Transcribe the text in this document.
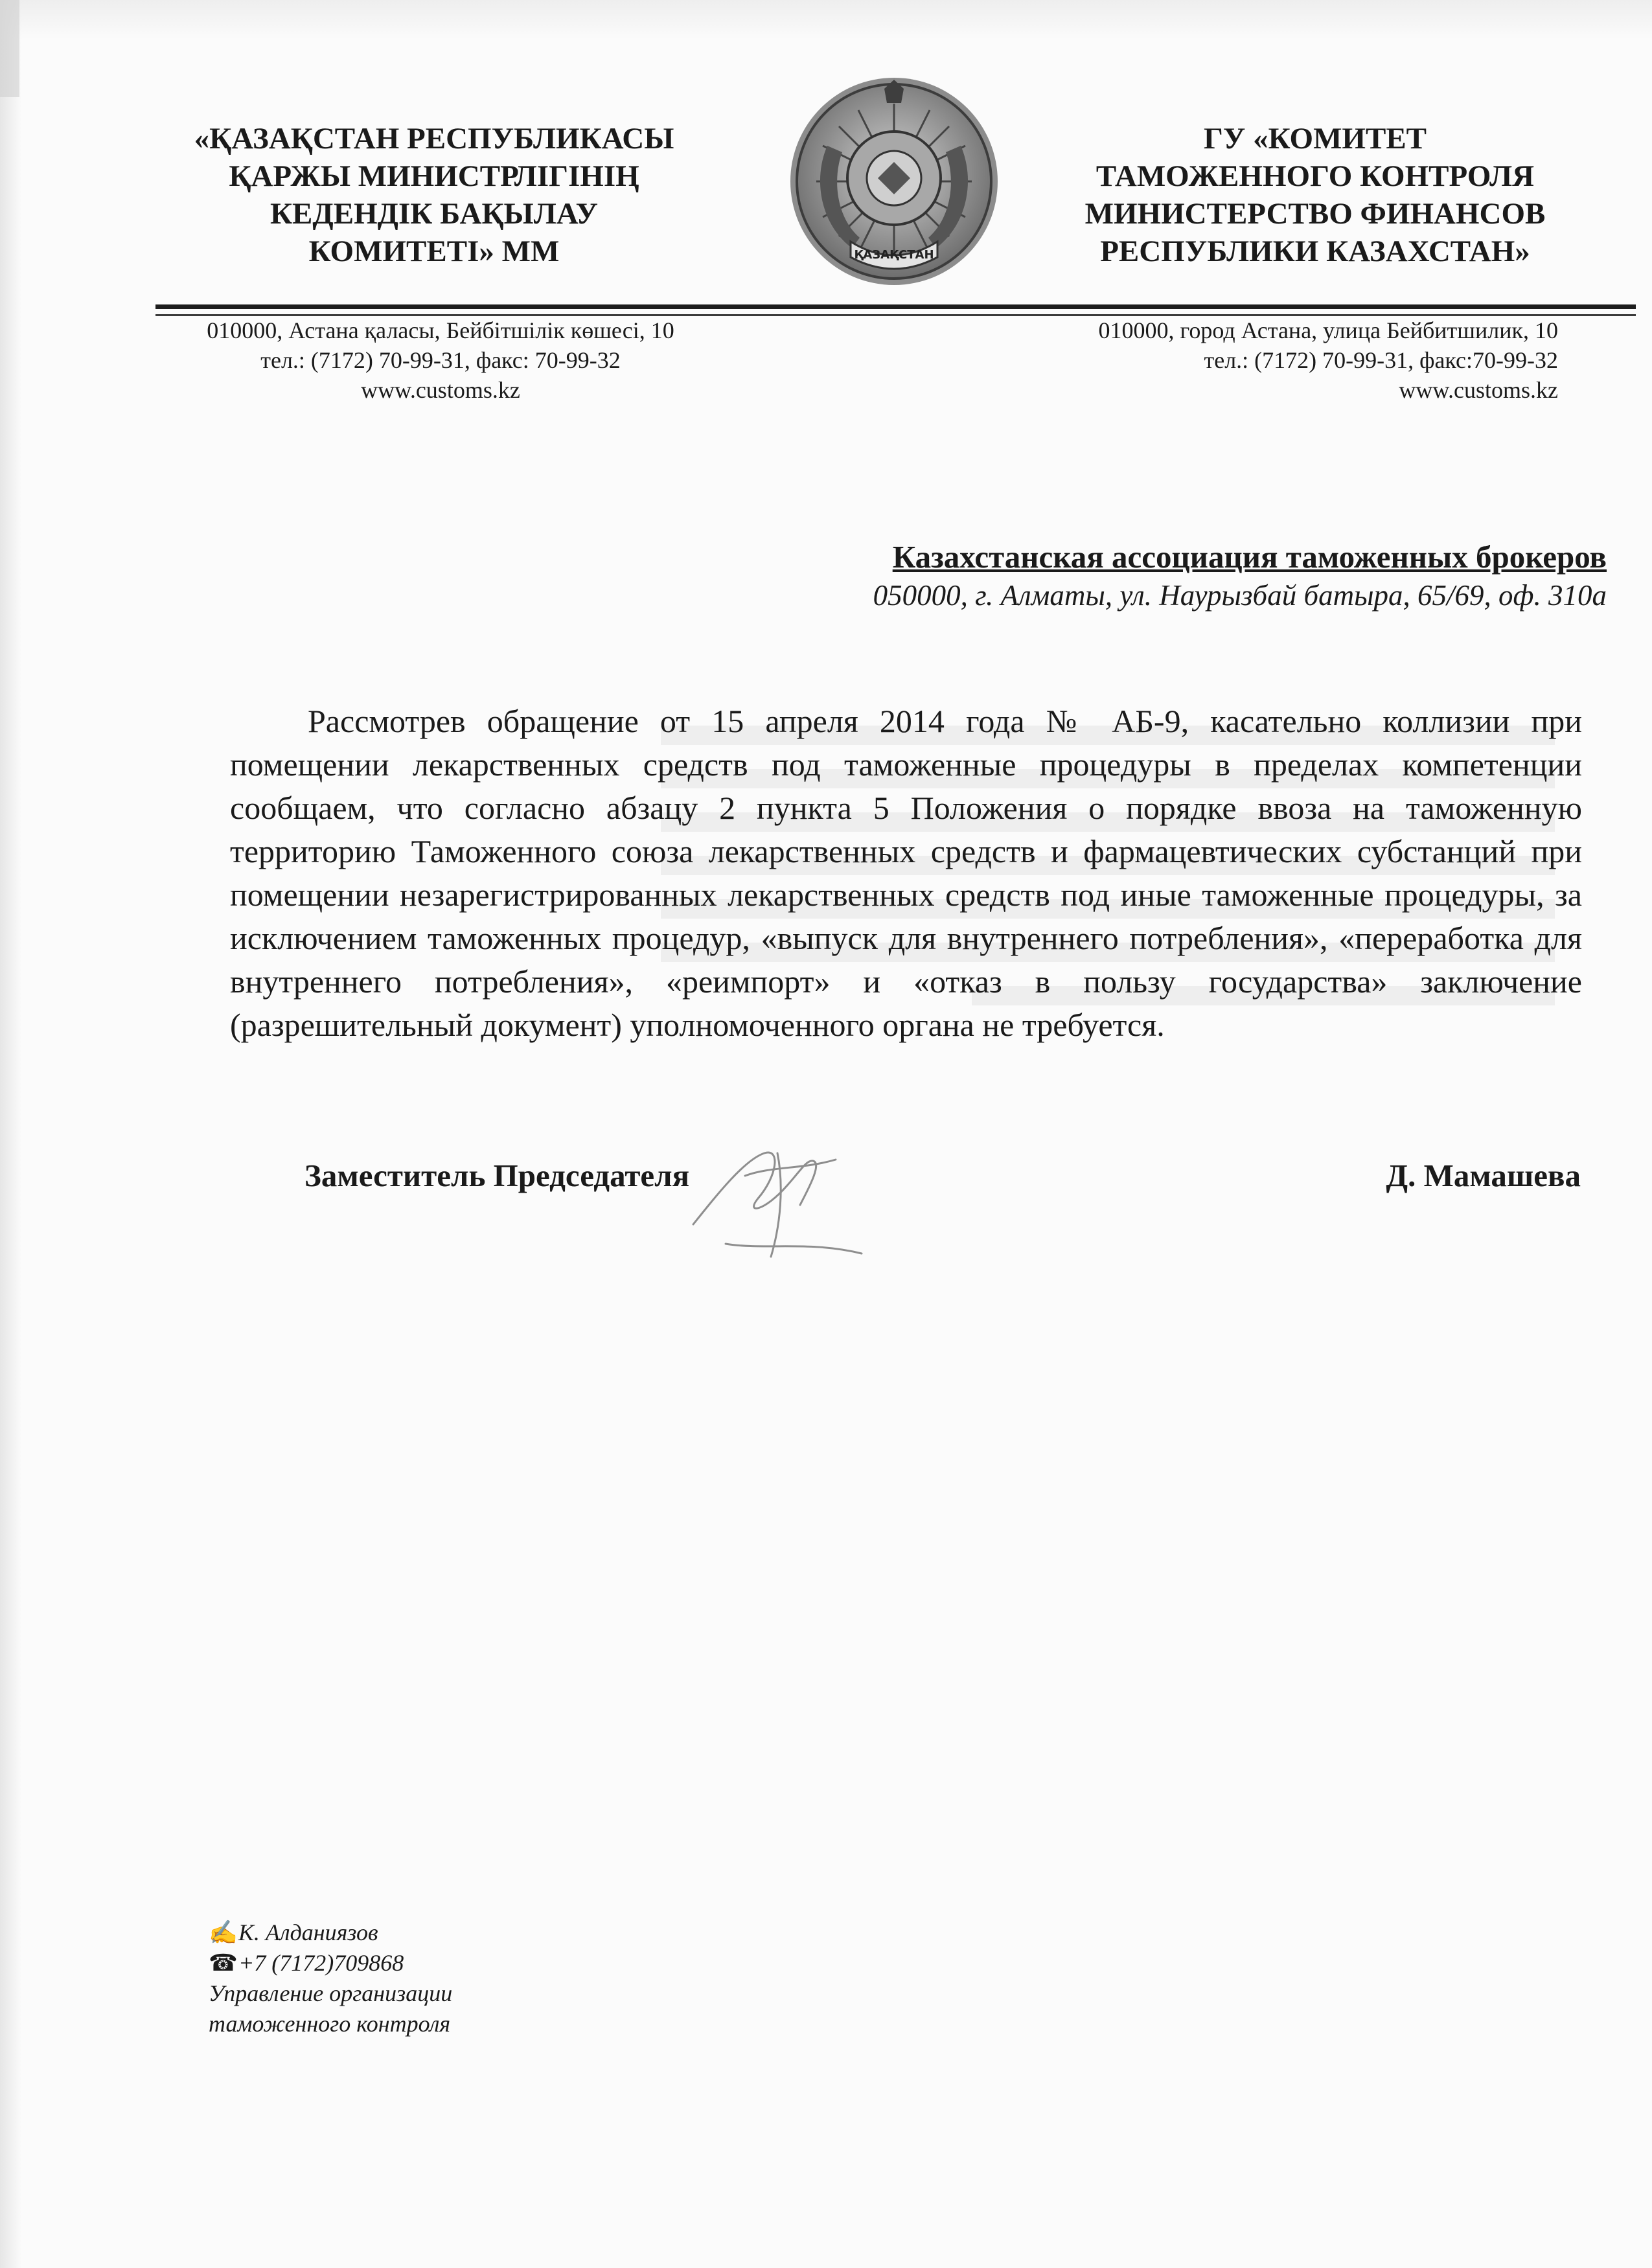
«ҚАЗАҚСТАН РЕСПУБЛИКАСЫ
ҚАРЖЫ МИНИСТРЛІГІНІҢ
КЕДЕНДІК БАҚЫЛАУ
КОМИТЕТІ» ММ	ҚАЗАҚСТАН
ГУ «КОМИТЕТ
ТАМОЖЕННОГО КОНТРОЛЯ
МИНИСТЕРСТВО ФИНАНСОВ
РЕСПУБЛИКИ КАЗАХСТАН»
010000, Астана қаласы, Бейбітшілік көшесі, 10
тел.: (7172) 70-99-31, факс: 70-99-32
www.customs.kz
010000, город Астана, улица Бейбитшилик, 10
тел.: (7172) 70-99-31, факс:70-99-32
www.customs.kz
Казахстанская ассоциация таможенных брокеров
050000, г. Алматы, ул. Наурызбай батыра, 65/69, оф. 310а

Рассмотрев обращение от 15 апреля 2014 года № АБ-9, касательно коллизии при помещении лекарственных средств под таможенные процедуры в пределах компетенции сообщаем, что согласно абзацу 2 пункта 5 Положения о порядке ввоза на таможенную территорию Таможенного союза лекарственных средств и фармацевтических субстанций при помещении незарегистрированных лекарственных средств под иные таможенные процедуры, за исключением таможенных процедур, «выпуск для внутреннего потребления», «переработка для внутреннего потребления», «реимпорт» и «отказ в пользу государства» заключение (разрешительный документ) уполномоченного органа не требуется.

Заместитель Председателя	Д. Мамашева
✍К. Алданиязов
☎+7 (7172)709868
Управление организации
таможенного контроля
